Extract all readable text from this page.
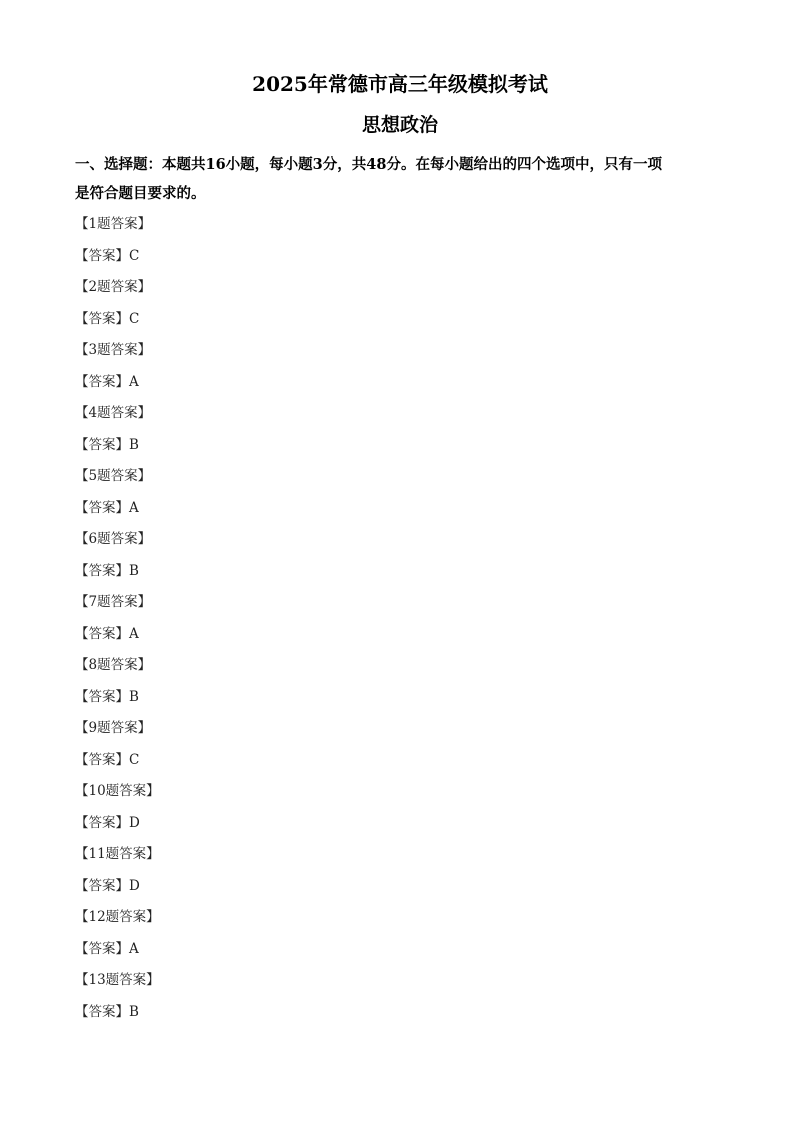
2025年常德市高三年级模拟考试
思想政治
一、选择题：本题共16小题，每小题3分，共48分。在每小题给出的四个选项中，只有一项
是符合题目要求的。
【1题答案】
【答案】C
【2题答案】
【答案】C
【3题答案】
【答案】A
【4题答案】
【答案】B
【5题答案】
【答案】A
【6题答案】
【答案】B
【7题答案】
【答案】A
【8题答案】
【答案】B
【9题答案】
【答案】C
【10题答案】
【答案】D
【11题答案】
【答案】D
【12题答案】
【答案】A
【13题答案】
【答案】B
